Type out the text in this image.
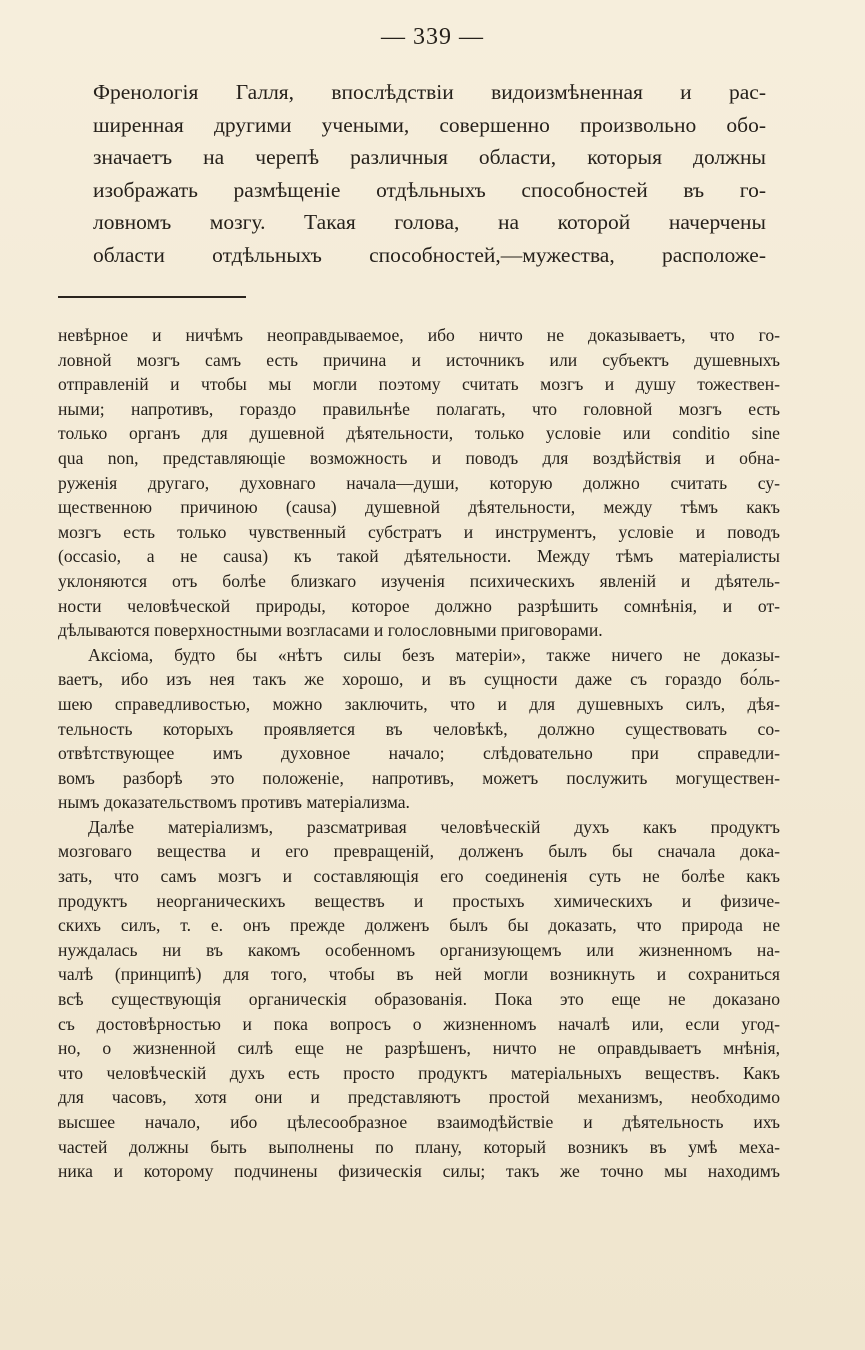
— 339 —
Френологія Галля, впослѣдствіи видоизмѣненная и рас-
ширенная другими учеными, совершенно произвольно обо-
значаетъ на черепѣ различныя области, которыя должны
изображать размѣщеніе отдѣльныхъ способностей въ го-
ловномъ мозгу. Такая голова, на которой начерчены
области отдѣльныхъ способностей,—мужества, расположе-
невѣрное и ничѣмъ неоправдываемое, ибо ничто не доказываетъ, что го-
ловной мозгъ самъ есть причина и источникъ или субъектъ душевныхъ
отправленій и чтобы мы могли поэтому считать мозгъ и душу тожествен-
ными; напротивъ, гораздо правильнѣе полагать, что головной мозгъ есть
только органъ для душевной дѣятельности, только условіе или conditio sine
qua non, представляющіе возможность и поводъ для воздѣйствія и обна-
руженія другаго, духовнаго начала—души, которую должно считать су-
щественною причиною (causa) душевной дѣятельности, между тѣмъ какъ
мозгъ есть только чувственный субстратъ и инструментъ, условіе и поводъ
(occasio, а не causa) къ такой дѣятельности. Между тѣмъ матеріалисты
уклоняются отъ болѣе близкаго изученія психическихъ явленій и дѣятель-
ности человѣческой природы, которое должно разрѣшить сомнѣнія, и от-
дѣлываются поверхностными возгласами и голословными приговорами.
Аксіома, будто бы «нѣтъ силы безъ матеріи», также ничего не доказы-
ваетъ, ибо изъ нея такъ же хорошо, и въ сущности даже съ гораздо бо́ль-
шею справедливостью, можно заключить, что и для душевныхъ силъ, дѣя-
тельность которыхъ проявляется въ человѣкѣ, должно существовать со-
отвѣтствующее имъ духовное начало; слѣдовательно при справедли-
вомъ разборѣ это положеніе, напротивъ, можетъ послужить могуществен-
нымъ доказательствомъ противъ матеріализма.
Далѣе матеріализмъ, разсматривая человѣческій духъ какъ продуктъ
мозговаго вещества и его превращеній, долженъ былъ бы сначала дока-
зать, что самъ мозгъ и составляющія его соединенія суть не болѣе какъ
продуктъ неорганическихъ веществъ и простыхъ химическихъ и физиче-
скихъ силъ, т. е. онъ прежде долженъ былъ бы доказать, что природа не
нуждалась ни въ какомъ особенномъ организующемъ или жизненномъ на-
чалѣ (принципѣ) для того, чтобы въ ней могли возникнуть и сохраниться
всѣ существующія органическія образованія. Пока это еще не доказано
съ достовѣрностью и пока вопросъ о жизненномъ началѣ или, если угод-
но, о жизненной силѣ еще не разрѣшенъ, ничто не оправдываетъ мнѣнія,
что человѣческій духъ есть просто продуктъ матеріальныхъ веществъ. Какъ
для часовъ, хотя они и представляютъ простой механизмъ, необходимо
высшее начало, ибо цѣлесообразное взаимодѣйствіе и дѣятельность ихъ
частей должны быть выполнены по плану, который возникъ въ умѣ меха-
ника и которому подчинены физическія силы; такъ же точно мы находимъ
